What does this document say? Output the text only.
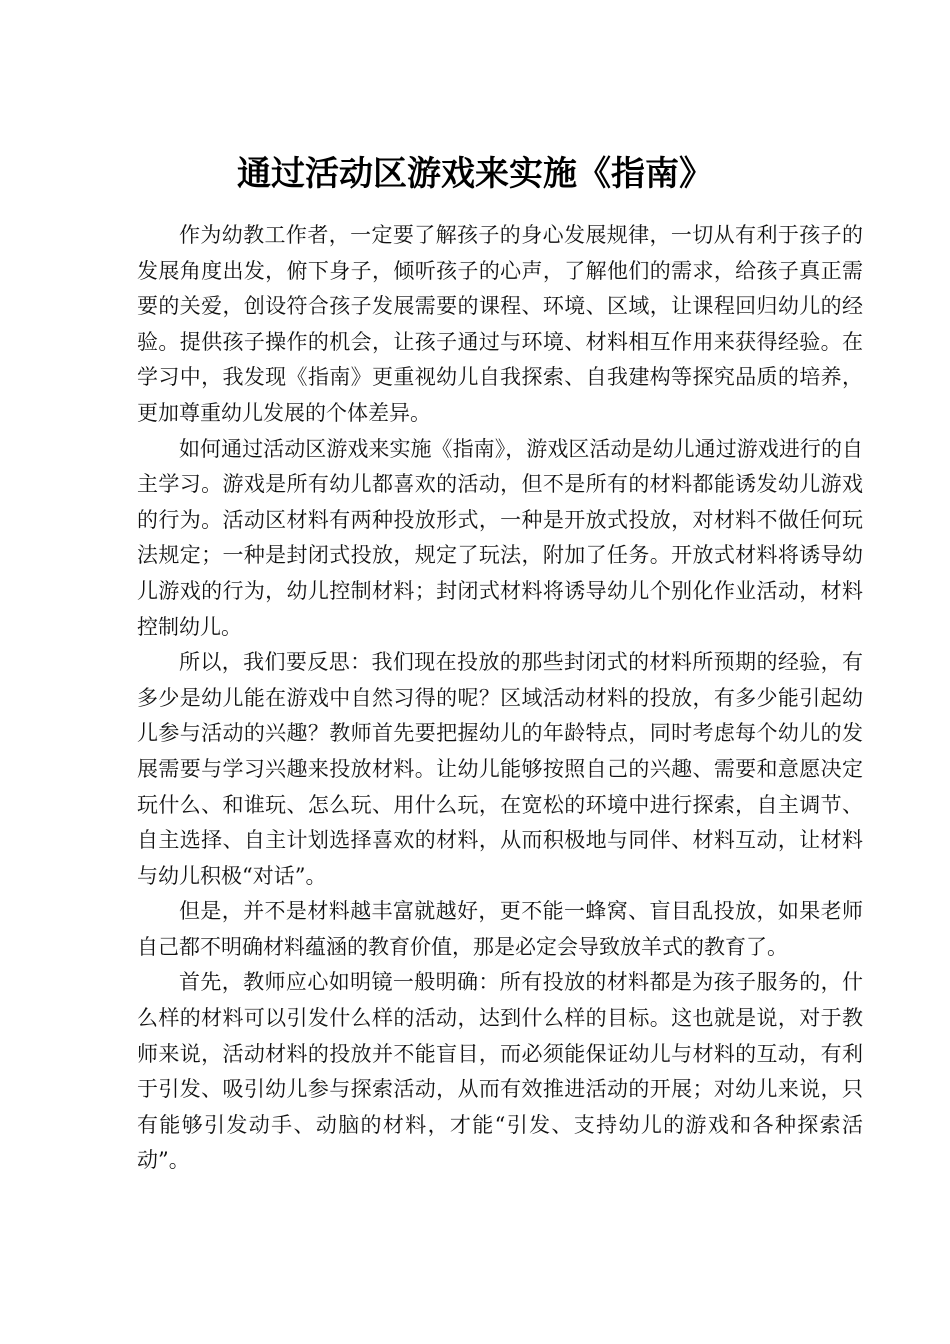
通过活动区游戏来实施《指南》

作为幼教工作者，一定要了解孩子的身心发展规律，一切从有利于孩子的发展角度出发，俯下身子，倾听孩子的心声，了解他们的需求，给孩子真正需要的关爱，创设符合孩子发展需要的课程、环境、区域，让课程回归幼儿的经验。提供孩子操作的机会，让孩子通过与环境、材料相互作用来获得经验。在学习中，我发现《指南》更重视幼儿自我探索、自我建构等探究品质的培养，更加尊重幼儿发展的个体差异。

如何通过活动区游戏来实施《指南》，游戏区活动是幼儿通过游戏进行的自主学习。游戏是所有幼儿都喜欢的活动，但不是所有的材料都能诱发幼儿游戏的行为。活动区材料有两种投放形式，一种是开放式投放，对材料不做任何玩法规定；一种是封闭式投放，规定了玩法，附加了任务。开放式材料将诱导幼儿游戏的行为，幼儿控制材料；封闭式材料将诱导幼儿个别化作业活动，材料控制幼儿。

所以，我们要反思：我们现在投放的那些封闭式的材料所预期的经验，有多少是幼儿能在游戏中自然习得的呢？区域活动材料的投放，有多少能引起幼儿参与活动的兴趣？教师首先要把握幼儿的年龄特点，同时考虑每个幼儿的发展需要与学习兴趣来投放材料。让幼儿能够按照自己的兴趣、需要和意愿决定玩什么、和谁玩、怎么玩、用什么玩，在宽松的环境中进行探索，自主调节、自主选择、自主计划选择喜欢的材料，从而积极地与同伴、材料互动，让材料与幼儿积极“对话”。

但是，并不是材料越丰富就越好，更不能一蜂窝、盲目乱投放，如果老师自己都不明确材料蕴涵的教育价值，那是必定会导致放羊式的教育了。

首先，教师应心如明镜一般明确：所有投放的材料都是为孩子服务的，什么样的材料可以引发什么样的活动，达到什么样的目标。这也就是说，对于教师来说，活动材料的投放并不能盲目，而必须能保证幼儿与材料的互动，有利于引发、吸引幼儿参与探索活动，从而有效推进活动的开展；对幼儿来说，只有能够引发动手、动脑的材料，才能“引发、支持幼儿的游戏和各种探索活动”。
